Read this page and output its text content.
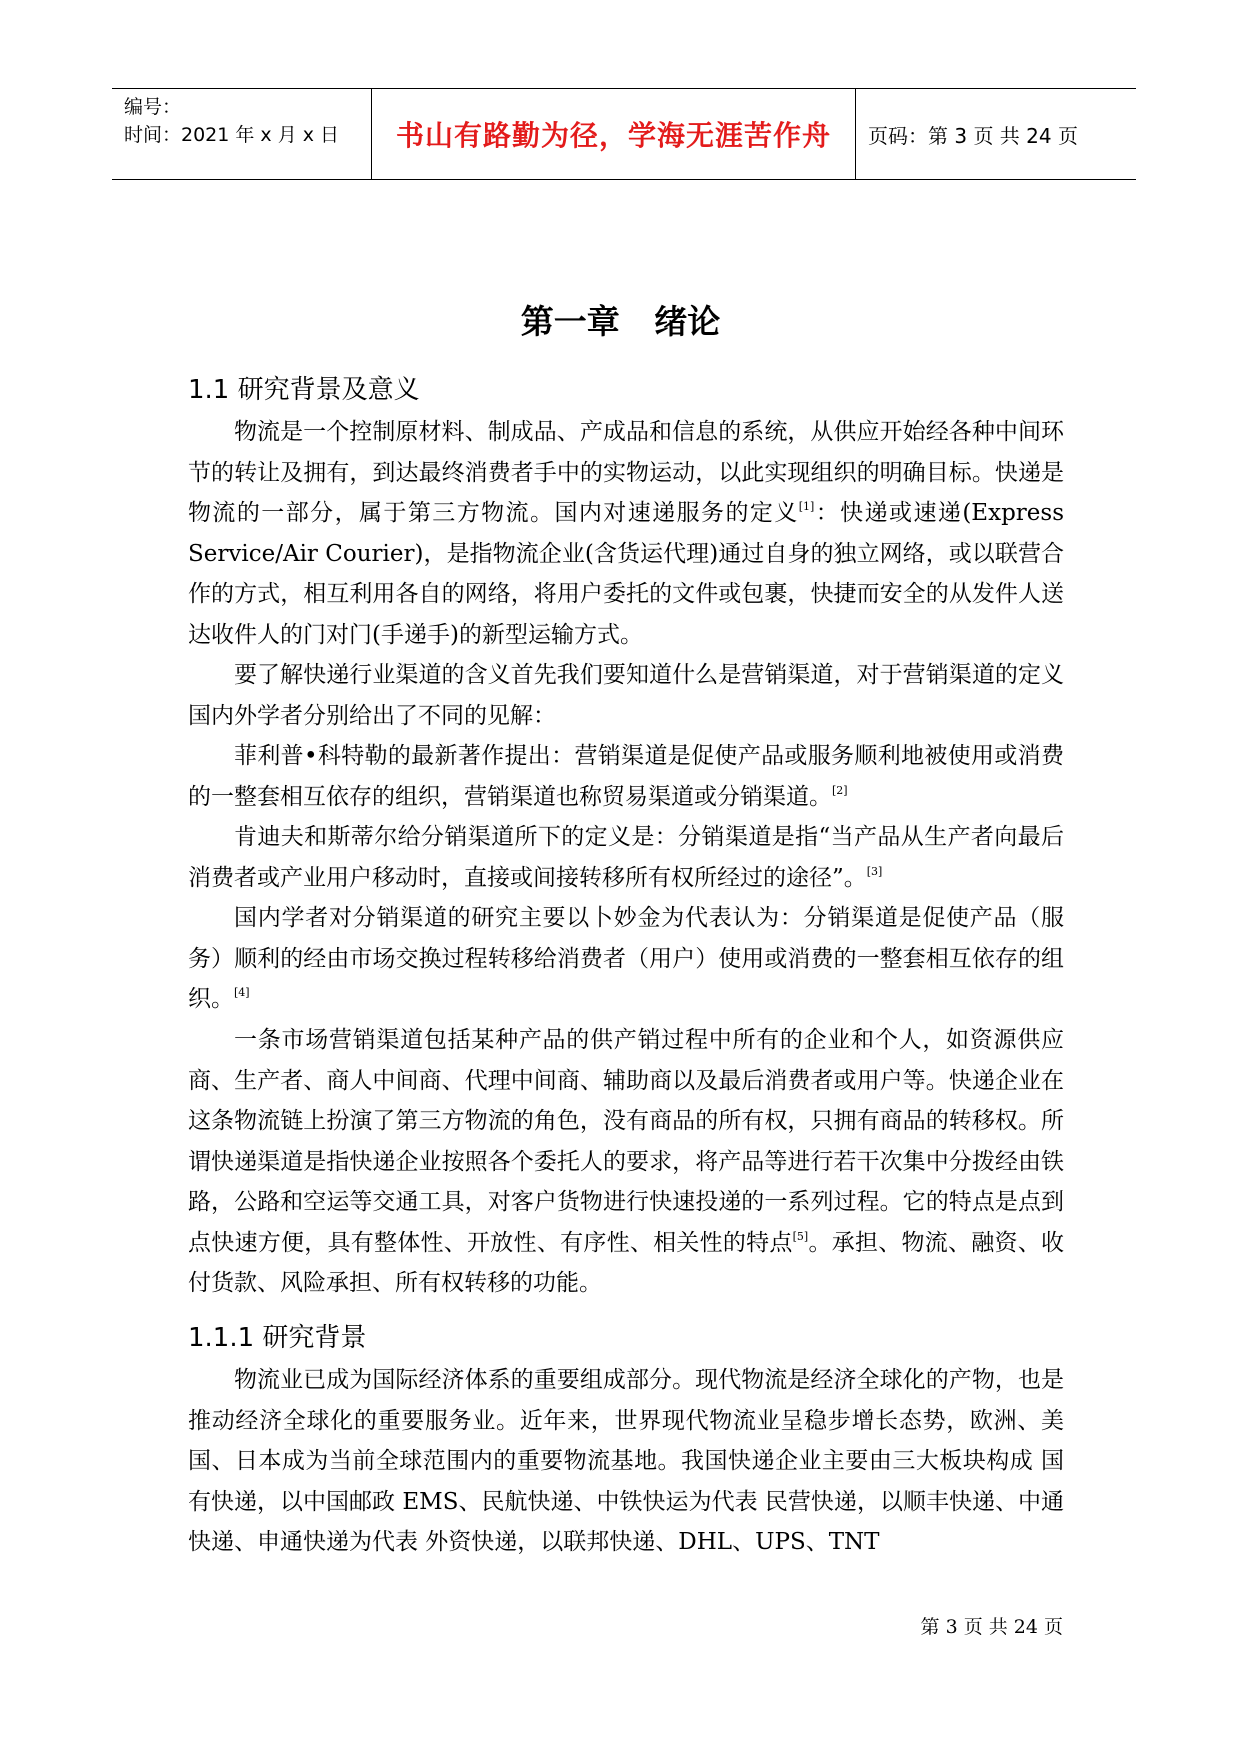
编号：
时间：2021 年 x 月 x 日	书山有路勤为径，学海无涯苦作舟 页码：第 3 页 共 24 页
第一章   绪论
1.1 研究背景及意义
物流是一个控制原材料、制成品、产成品和信息的系统，从供应开始经各种中间环节的转让及拥有，到达最终消费者手中的实物运动，以此实现组织的明确目标。快递是物流的一部分，属于第三方物流。国内对速递服务的定义[1]：快递或速递(Express Service/Air Courier)，是指物流企业(含货运代理)通过自身的独立网络，或以联营合作的方式，相互利用各自的网络，将用户委托的文件或包裹，快捷而安全的从发件人送达收件人的门对门(手递手)的新型运输方式。
要了解快递行业渠道的含义首先我们要知道什么是营销渠道，对于营销渠道的定义国内外学者分别给出了不同的见解：
菲利普•科特勒的最新著作提出：营销渠道是促使产品或服务顺利地被使用或消费的一整套相互依存的组织，营销渠道也称贸易渠道或分销渠道。[2]
肯迪夫和斯蒂尔给分销渠道所下的定义是：分销渠道是指“当产品从生产者向最后消费者或产业用户移动时，直接或间接转移所有权所经过的途径”。[3]
国内学者对分销渠道的研究主要以卜妙金为代表认为：分销渠道是促使产品（服务）顺利的经由市场交换过程转移给消费者（用户）使用或消费的一整套相互依存的组织。[4]
一条市场营销渠道包括某种产品的供产销过程中所有的企业和个人，如资源供应商、生产者、商人中间商、代理中间商、辅助商以及最后消费者或用户等。快递企业在这条物流链上扮演了第三方物流的角色，没有商品的所有权，只拥有商品的转移权。所谓快递渠道是指快递企业按照各个委托人的要求，将产品等进行若干次集中分拨经由铁路，公路和空运等交通工具，对客户货物进行快速投递的一系列过程。它的特点是点到点快速方便，具有整体性、开放性、有序性、相关性的特点[5]。承担、物流、融资、收付货款、风险承担、所有权转移的功能。
1.1.1 研究背景
物流业已成为国际经济体系的重要组成部分。现代物流是经济全球化的产物，也是推动经济全球化的重要服务业。近年来，世界现代物流业呈稳步增长态势，欧洲、美国、日本成为当前全球范围内的重要物流基地。我国快递企业主要由三大板块构成 国有快递，以中国邮政 EMS、民航快递、中铁快运为代表 民营快递，以顺丰快递、中通快递、申通快递为代表 外资快递，以联邦快递、DHL、UPS、TNT
第 3 页 共 24 页
